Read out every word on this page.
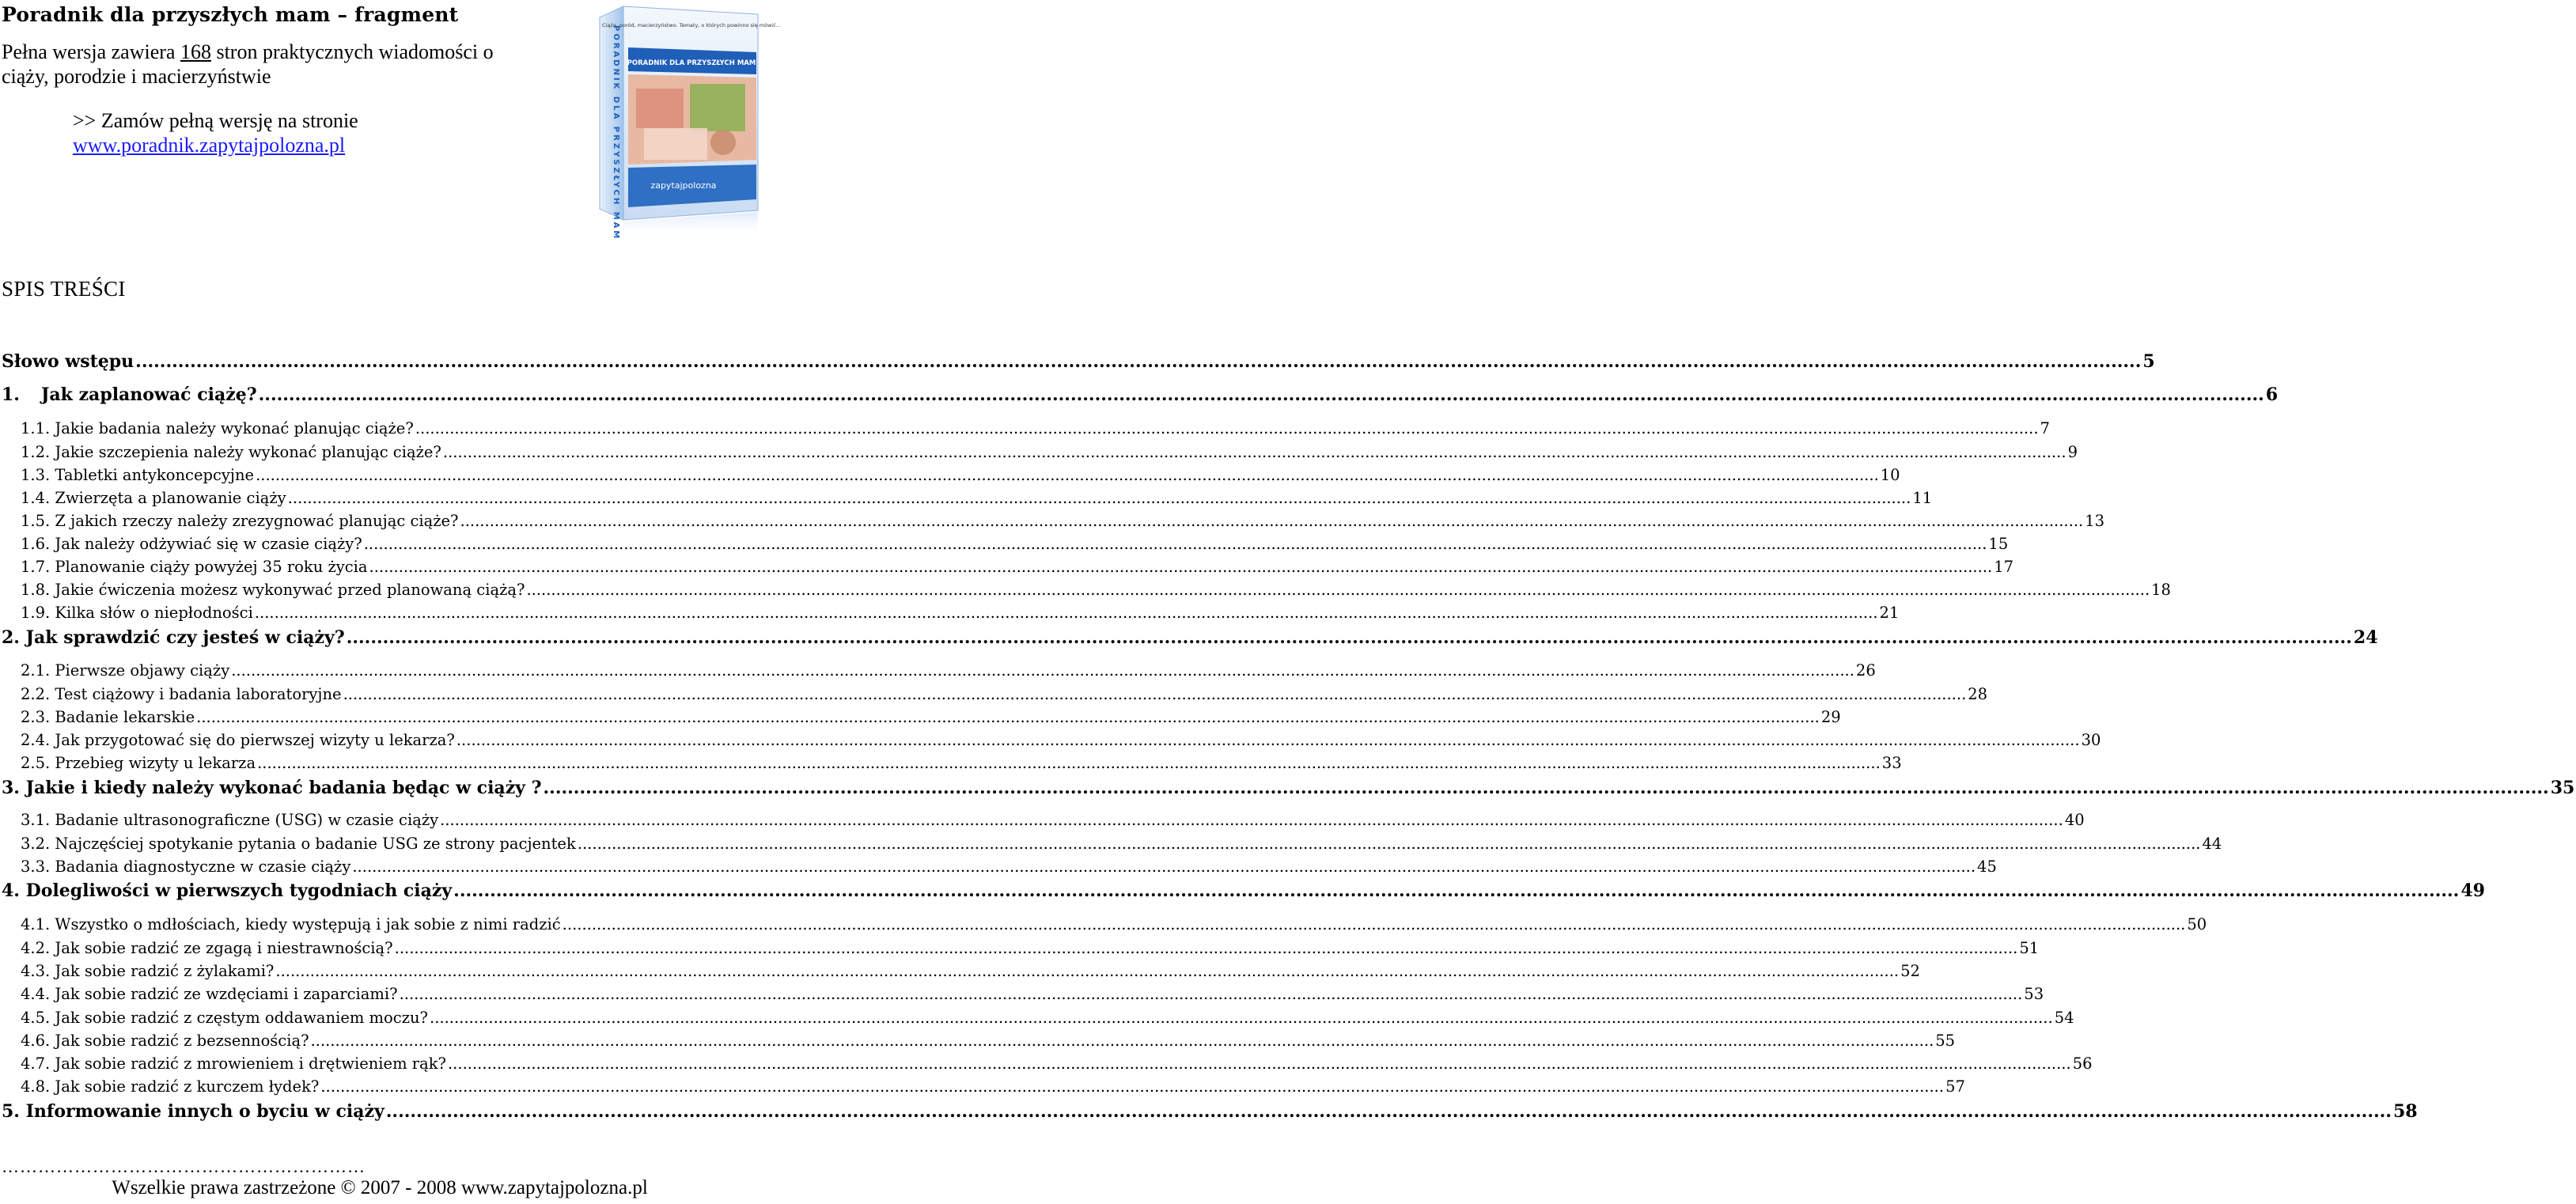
Poradnik dla przyszłych mam – fragment
Pełna wersja zawiera 168 stron praktycznych wiadomości o
ciąży, porodzie i macierzyństwie
>> Zamów pełną wersję na stronie
www.poradnik.zapytajpolozna.pl
zapytajpolozna
PORADNIK DLA PRZYSZŁYCH MAM
Ciąża, poród, macierzyństwo. Tematy, o których powinno się mówić...
PORADNIK DLA PRZYSZŁYCH MAM
SPIS TREŚCI
Słowo wstępu .....	5
1.	Jak zaplanować ciążę? .....	6
1.1. Jakie badania należy wykonać planując ciąże? .....	7
1.2. Jakie szczepienia należy wykonać planując ciąże? .....	9
1.3. Tabletki antykoncepcyjne .....	10
1.4. Zwierzęta a planowanie ciąży .....	11
1.5. Z jakich rzeczy należy zrezygnować planując ciąże? .....	13
1.6. Jak należy odżywiać się w czasie ciąży? .....	15
1.7. Planowanie ciąży powyżej 35 roku życia .....	17
1.8. Jakie ćwiczenia możesz wykonywać przed planowaną ciążą? .....	18
1.9. Kilka słów o niepłodności .....	21
2. Jak sprawdzić czy jesteś w ciąży? .....	24
2.1. Pierwsze objawy ciąży .....	26
2.2. Test ciążowy i badania laboratoryjne .....	28
2.3. Badanie lekarskie .....	29
2.4. Jak przygotować się do pierwszej wizyty u lekarza? .....	30
2.5. Przebieg wizyty u lekarza .....	33
3. Jakie i kiedy należy wykonać badania będąc w ciąży ? .....	35
3.1. Badanie ultrasonograficzne (USG) w czasie ciąży .....	40
3.2. Najczęściej spotykanie pytania o badanie USG ze strony pacjentek .....	44
3.3. Badania diagnostyczne w czasie ciąży .....	45
4. Dolegliwości w pierwszych tygodniach ciąży .....	49
4.1. Wszystko o mdłościach, kiedy występują i jak sobie z nimi radzić .....	50
4.2. Jak sobie radzić ze zgagą i niestrawnością? .....	51
4.3. Jak sobie radzić z żylakami? .....	52
4.4. Jak sobie radzić ze wzdęciami i zaparciami? .....	53
4.5. Jak sobie radzić z częstym oddawaniem moczu? .....	54
4.6. Jak sobie radzić z bezsennością? .....	55
4.7. Jak sobie radzić z mrowieniem i drętwieniem rąk? .....	56
4.8. Jak sobie radzić z kurczem łydek? .....	57
5. Informowanie innych o byciu w ciąży .....	58
……………………………………………………
Wszelkie prawa zastrzeżone © 2007 - 2008 www.zapytajpolozna.pl
